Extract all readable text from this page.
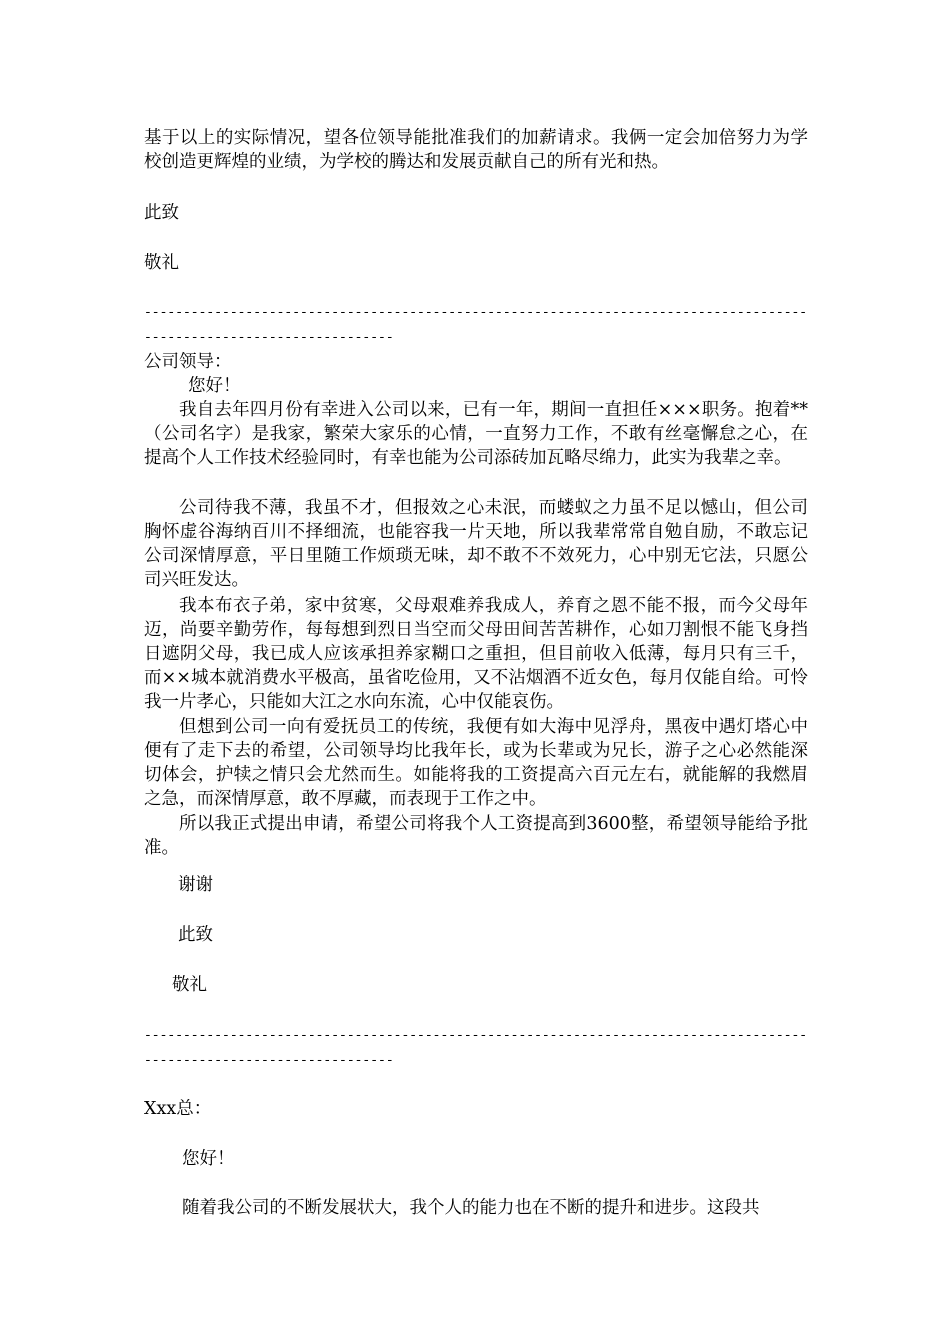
基于以上的实际情况，望各位领导能批准我们的加薪请求。我俩一定会加倍努力为学校创造更辉煌的业绩，为学校的腾达和发展贡献自己的所有光和热。
此致
敬礼
---------------------------------------------------------------------------------------------------------------------
公司领导：
您好！
我自去年四月份有幸进入公司以来，已有一年，期间一直担任×××职务。抱着**（公司名字）是我家，繁荣大家乐的心情，一直努力工作，不敢有丝毫懈怠之心，在提高个人工作技术经验同时，有幸也能为公司添砖加瓦略尽绵力，此实为我辈之幸。
公司待我不薄，我虽不才，但报效之心未泯，而蝼蚁之力虽不足以憾山，但公司胸怀虚谷海纳百川不择细流，也能容我一片天地，所以我辈常常自勉自励，不敢忘记公司深情厚意，平日里随工作烦琐无味，却不敢不不效死力，心中别无它法，只愿公司兴旺发达。
我本布衣子弟，家中贫寒，父母艰难养我成人，养育之恩不能不报，而今父母年迈，尚要辛勤劳作，每每想到烈日当空而父母田间苦苦耕作，心如刀割恨不能飞身挡日遮阴父母，我已成人应该承担养家糊口之重担，但目前收入低薄，每月只有三千，而××城本就消费水平极高，虽省吃俭用，又不沾烟酒不近女色，每月仅能自给。可怜我一片孝心，只能如大江之水向东流，心中仅能哀伤。
但想到公司一向有爱抚员工的传统，我便有如大海中见浮舟，黑夜中遇灯塔心中便有了走下去的希望，公司领导均比我年长，或为长辈或为兄长，游子之心必然能深切体会，护犊之情只会尤然而生。如能将我的工资提高六百元左右，就能解的我燃眉之急，而深情厚意，敢不厚藏，而表现于工作之中。
所以我正式提出申请，希望公司将我个人工资提高到3600整，希望领导能给予批准。
谢谢
此致
敬礼
---------------------------------------------------------------------------------------------------------------------
Xxx总：
您好！
随着我公司的不断发展状大，我个人的能力也在不断的提升和进步。这段共
